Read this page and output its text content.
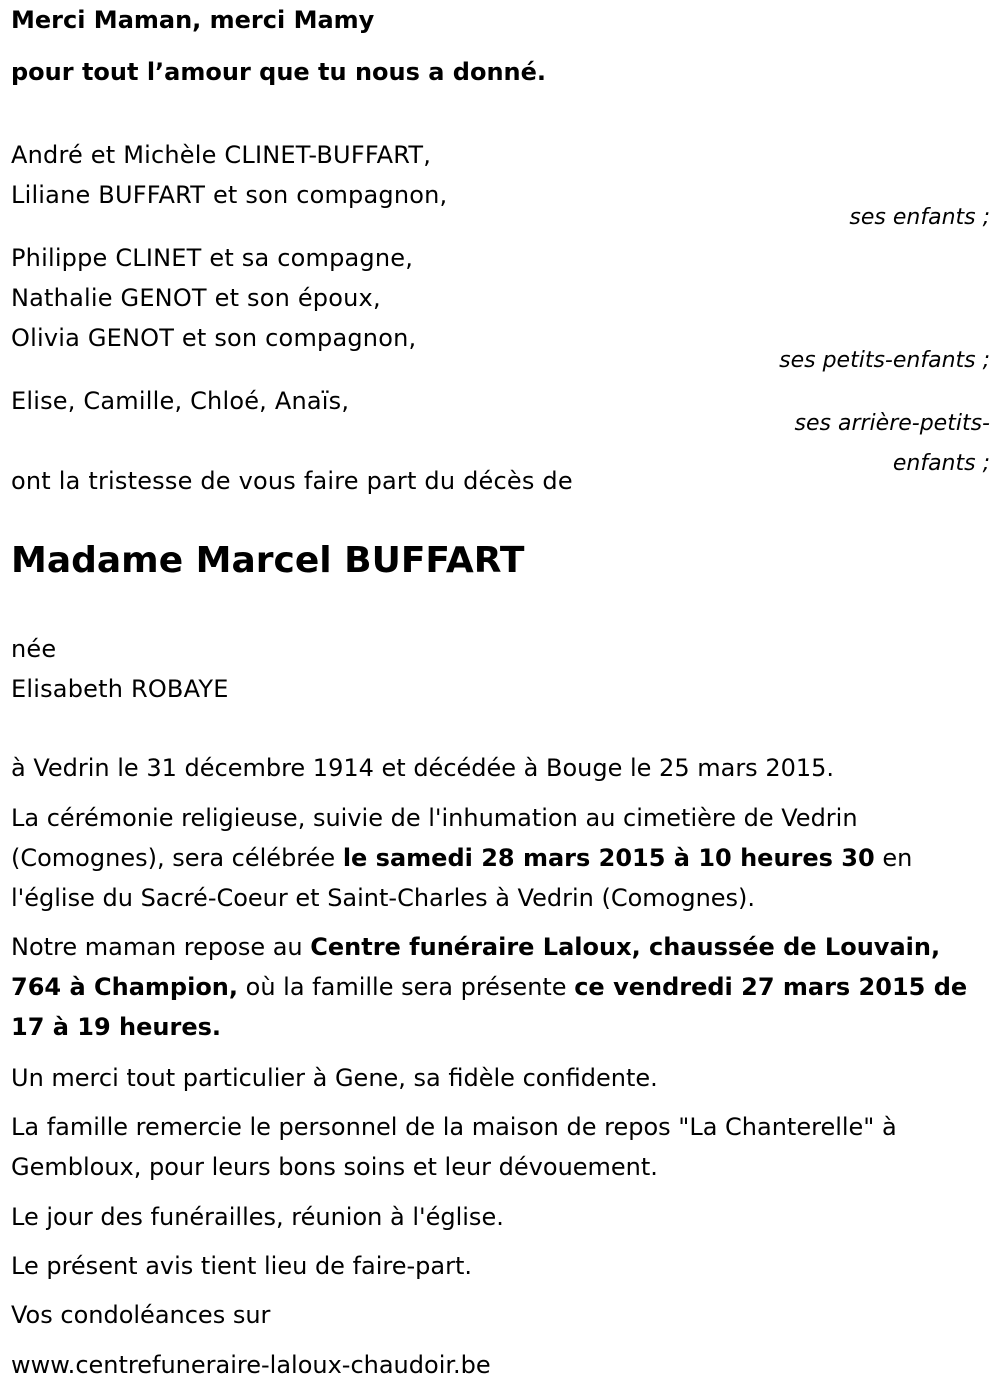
Merci Maman, merci Mamy
pour tout l’amour que tu nous a donné.
André et Michèle CLINET-BUFFART,
Liliane BUFFART et son compagnon,
ses enfants ;
Philippe CLINET et sa compagne,
Nathalie GENOT et son époux,
Olivia GENOT et son compagnon,
ses petits-enfants ;
Elise, Camille, Chloé, Anaïs,
ses arrière-petits-
enfants ;
ont la tristesse de vous faire part du décès de
Madame Marcel BUFFART
née
Elisabeth ROBAYE
à Vedrin le 31 décembre 1914 et décédée à Bouge le 25 mars 2015.
La cérémonie religieuse, suivie de l'inhumation au cimetière de Vedrin (Comognes), sera célébrée le samedi 28 mars 2015 à 10 heures 30 en l'église du Sacré-Coeur et Saint-Charles à Vedrin (Comognes).
Notre maman repose au Centre funéraire Laloux, chaussée de Louvain, 764 à Champion, où la famille sera présente ce vendredi 27 mars 2015 de 17 à 19 heures.
Un merci tout particulier à Gene, sa fidèle confidente.
La famille remercie le personnel de la maison de repos "La Chanterelle" à Gembloux, pour leurs bons soins et leur dévouement.
Le jour des funérailles, réunion à l'église.
Le présent avis tient lieu de faire-part.
Vos condoléances sur
www.centrefuneraire-laloux-chaudoir.be
